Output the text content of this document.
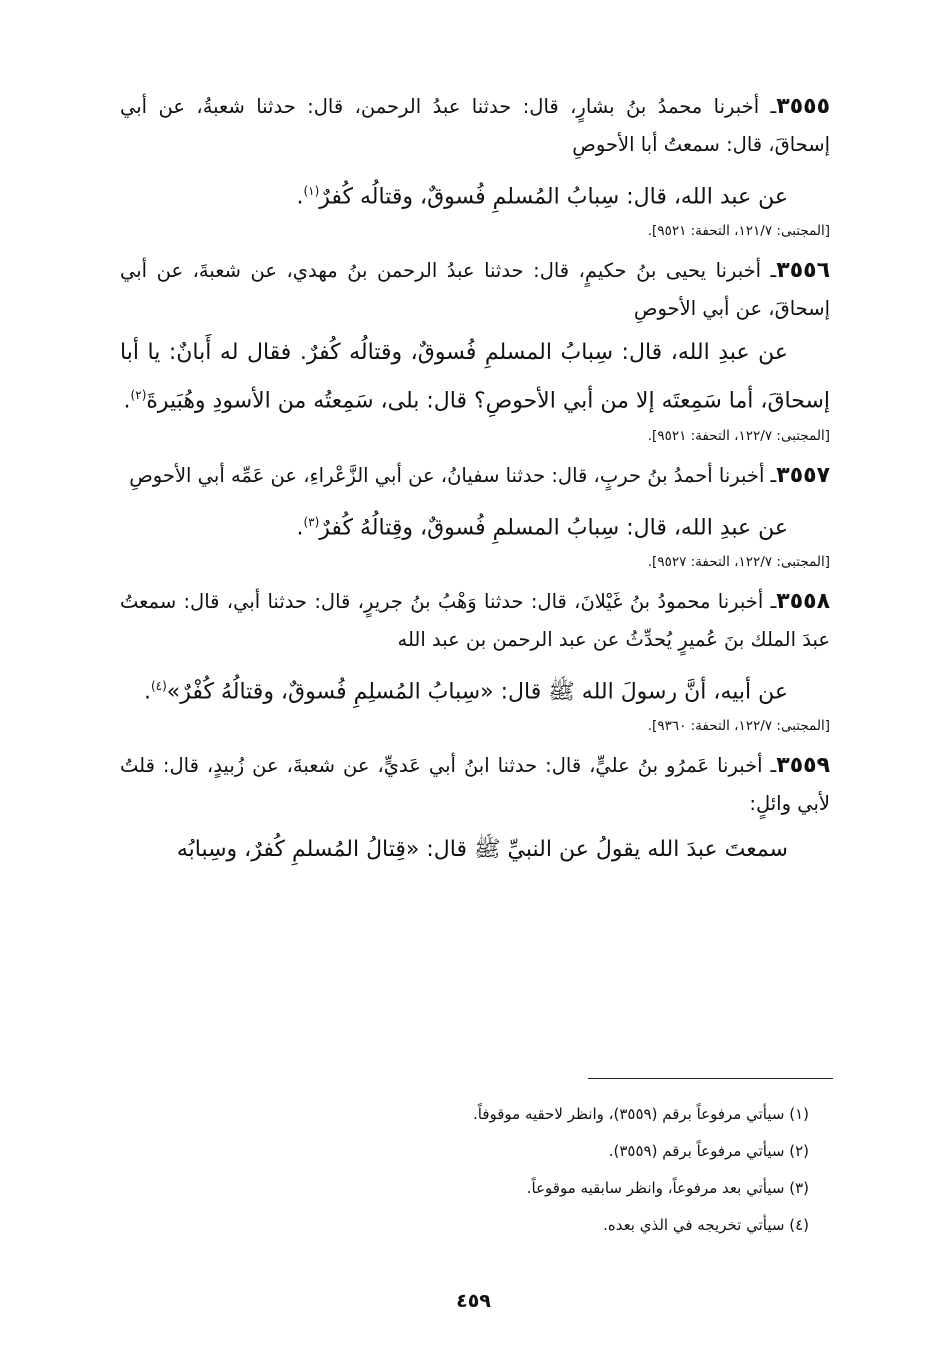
٣٥٥٥ـ أخبرنا محمدُ بنُ بشارٍ، قال: حدثنا عبدُ الرحمن، قال: حدثنا شعبةُ، عن أبي إسحاقَ، قال: سمعتُ أبا الأحوصِ

عن عبد الله، قال: سِبابُ المُسلمِ فُسوقٌ، وقتالُه كُفرٌ$^{(١)}$.

[المجتبى: ١٢١/٧، التحفة: ٩٥٢١].

٣٥٥٦ـ أخبرنا يحيى بنُ حكيمٍ، قال: حدثنا عبدُ الرحمن بنُ مهدي، عن شعبةَ، عن أبي إسحاقَ، عن أبي الأحوصِ

عن عبدِ الله، قال: سِبابُ المسلمِ فُسوقٌ، وقتالُه كُفرٌ. فقال له أَبانٌ: يا أبا إسحاقَ، أما سَمِعتَه إلا من أبي الأحوصِ؟ قال: بلى، سَمِعتُه من الأسودِ وهُبَيرةَ$^{(٢)}$.

[المجتبى: ١٢٢/٧، التحفة: ٩٥٢١].

٣٥٥٧ـ أخبرنا أحمدُ بنُ حربٍ، قال: حدثنا سفيانُ، عن أبي الزَّعْراءِ، عن عَمِّه أبي الأحوصِ

عن عبدِ الله، قال: سِبابُ المسلمِ فُسوقٌ، وقِتالُهُ كُفرٌ$^{(٣)}$.

[المجتبى: ١٢٢/٧، التحفة: ٩٥٢٧].

٣٥٥٨ـ أخبرنا محمودُ بنُ غَيْلانَ، قال: حدثنا وَهْبُ بنُ جريرٍ، قال: حدثنا أبي، قال: سمعتُ عبدَ الملك بنَ عُميرٍ يُحدِّثُ عن عبد الرحمن بن عبد الله

عن أبيه، أنَّ رسولَ الله ﷺ قال: «سِبابُ المُسلِمِ فُسوقٌ، وقتالُهُ كُفْرٌ»$^{(٤)}$.

[المجتبى: ١٢٢/٧، التحفة: ٩٣٦٠].

٣٥٥٩ـ أخبرنا عَمرُو بنُ عليٍّ، قال: حدثنا ابنُ أبي عَديٍّ، عن شعبةَ، عن زُبيدٍ، قال: قلتُ لأبي وائلٍ:

سمعتَ عبدَ الله يقولُ عن النبيِّ ﷺ قال: «قِتالُ المُسلمِ كُفرٌ، وسِبابُه

(١) سيأتي مرفوعاً برقم (٣٥٥٩)، وانظر لاحقيه موقوفاً.

(٢) سيأتي مرفوعاً برقم (٣٥٥٩).

(٣) سيأتي بعد مرفوعاً، وانظر سابقيه موقوعاً.

(٤) سيأتي تخريجه في الذي بعده.

٤٥٩
